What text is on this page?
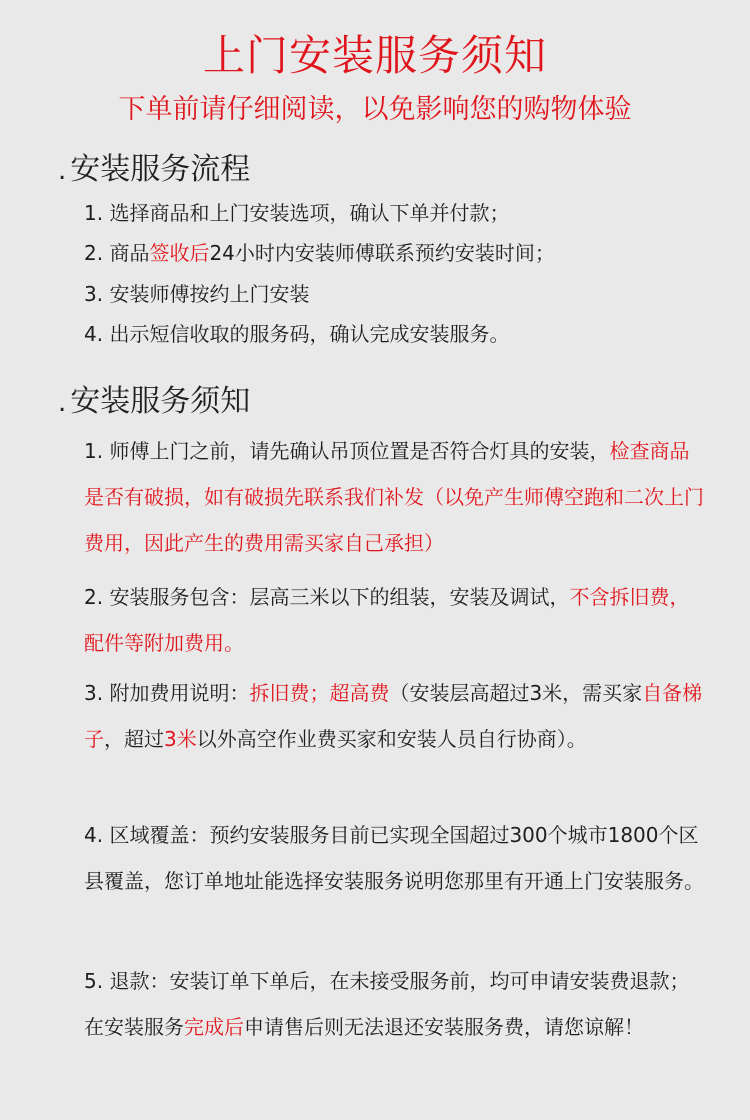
上门安装服务须知
下单前请仔细阅读，以免影响您的购物体验
. 安装服务流程
1. 选择商品和上门安装选项，确认下单并付款；
2. 商品签收后24小时内安装师傅联系预约安装时间；
3. 安装师傅按约上门安装
4. 出示短信收取的服务码，确认完成安装服务。
. 安装服务须知
1. 师傅上门之前，请先确认吊顶位置是否符合灯具的安装，检查商品是否有破损，如有破损先联系我们补发（以免产生师傅空跑和二次上门费用，因此产生的费用需买家自己承担）
2. 安装服务包含：层高三米以下的组装，安装及调试，不含拆旧费，配件等附加费用。
3. 附加费用说明：拆旧费；超高费（安装层高超过3米，需买家自备梯子，超过3米以外高空作业费买家和安装人员自行协商）。
4. 区域覆盖：预约安装服务目前已实现全国超过300个城市1800个区县覆盖，您订单地址能选择安装服务说明您那里有开通上门安装服务。
5. 退款：安装订单下单后，在未接受服务前，均可申请安装费退款；在安装服务完成后申请售后则无法退还安装服务费，请您谅解！
